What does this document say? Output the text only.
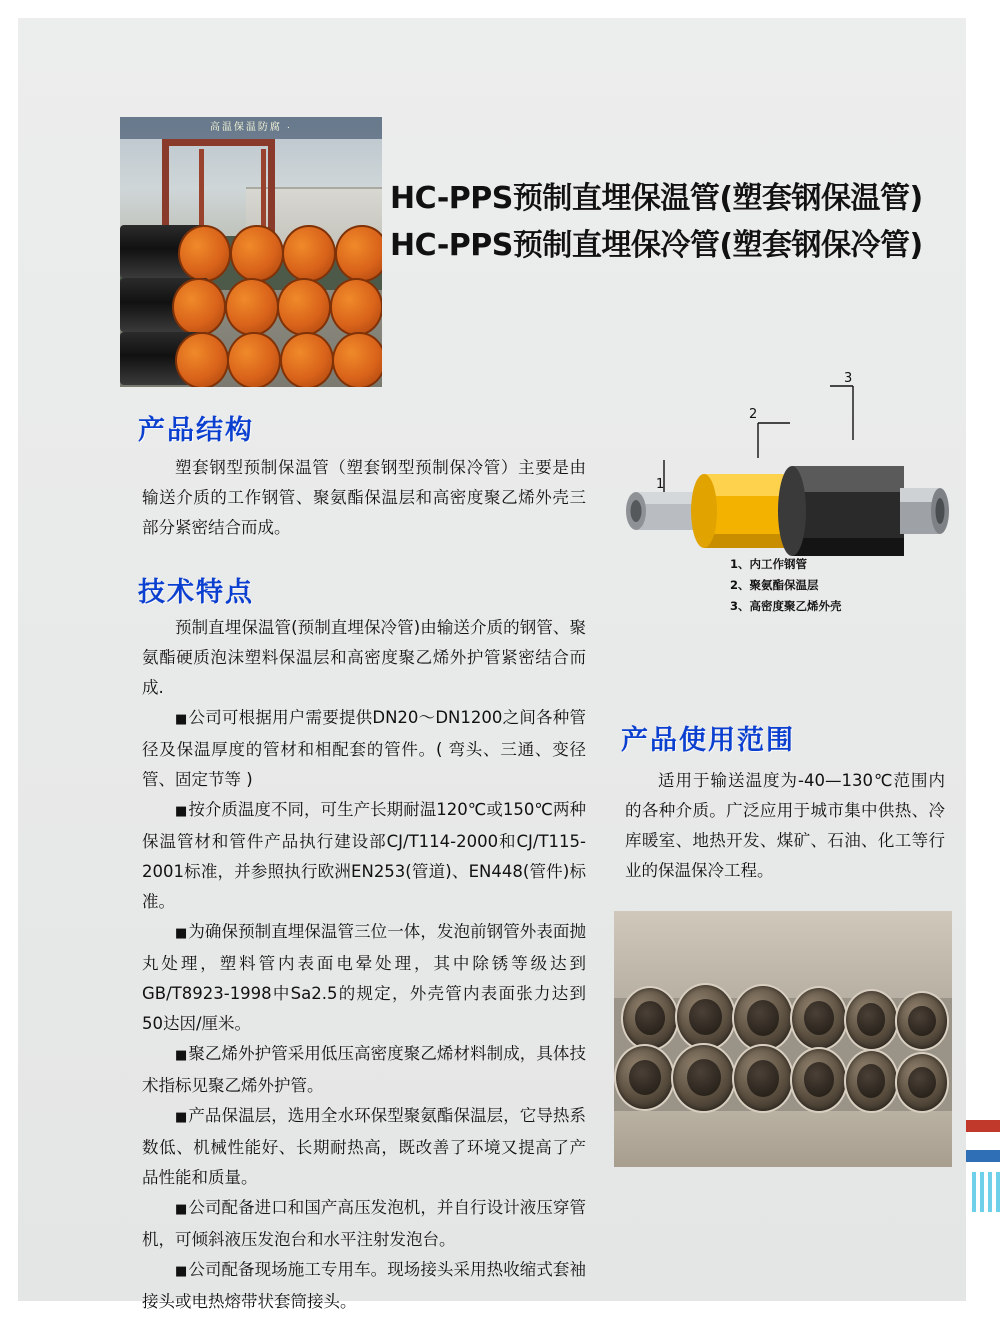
高温保温防腐 ·
HC-PPS预制直埋保温管(塑套钢保温管)
HC-PPS预制直埋保冷管(塑套钢保冷管)
产品结构

塑套钢型预制保温管（塑套钢型预制保冷管）主要是由输送介质的工作钢管、聚氨酯保温层和高密度聚乙烯外壳三部分紧密结合而成。

1
2
3
1、内工作钢管
2、聚氨酯保温层
3、高密度聚乙烯外壳
技术特点

预制直埋保温管(预制直埋保冷管)由输送介质的钢管、聚氨酯硬质泡沫塑料保温层和高密度聚乙烯外护管紧密结合而成.

■ 公司可根据用户需要提供DN20～DN1200之间各种管径及保温厚度的管材和相配套的管件。( 弯头、三通、变径管、固定节等 )

■ 按介质温度不同，可生产长期耐温120℃或150℃两种保温管材和管件产品执行建设部CJ/T114-2000和CJ/T115-2001标准，并参照执行欧洲EN253(管道)、EN448(管件)标准。

■ 为确保预制直埋保温管三位一体，发泡前钢管外表面抛丸处理，塑料管内表面电晕处理，其中除锈等级达到GB/T8923-1998中Sa2.5的规定，外壳管内表面张力达到50达因/厘米。

■ 聚乙烯外护管采用低压高密度聚乙烯材料制成，具体技术指标见聚乙烯外护管。

■ 产品保温层，选用全水环保型聚氨酯保温层，它导热系数低、机械性能好、长期耐热高，既改善了环境又提高了产品性能和质量。

■ 公司配备进口和国产高压发泡机，并自行设计液压穿管机，可倾斜液压发泡台和水平注射发泡台。

■ 公司配备现场施工专用车。现场接头采用热收缩式套袖接头或电热熔带状套筒接头。

产品使用范围

适用于输送温度为-40—130℃范围内的各种介质。广泛应用于城市集中供热、冷库暖室、地热开发、煤矿、石油、化工等行业的保温保冷工程。
